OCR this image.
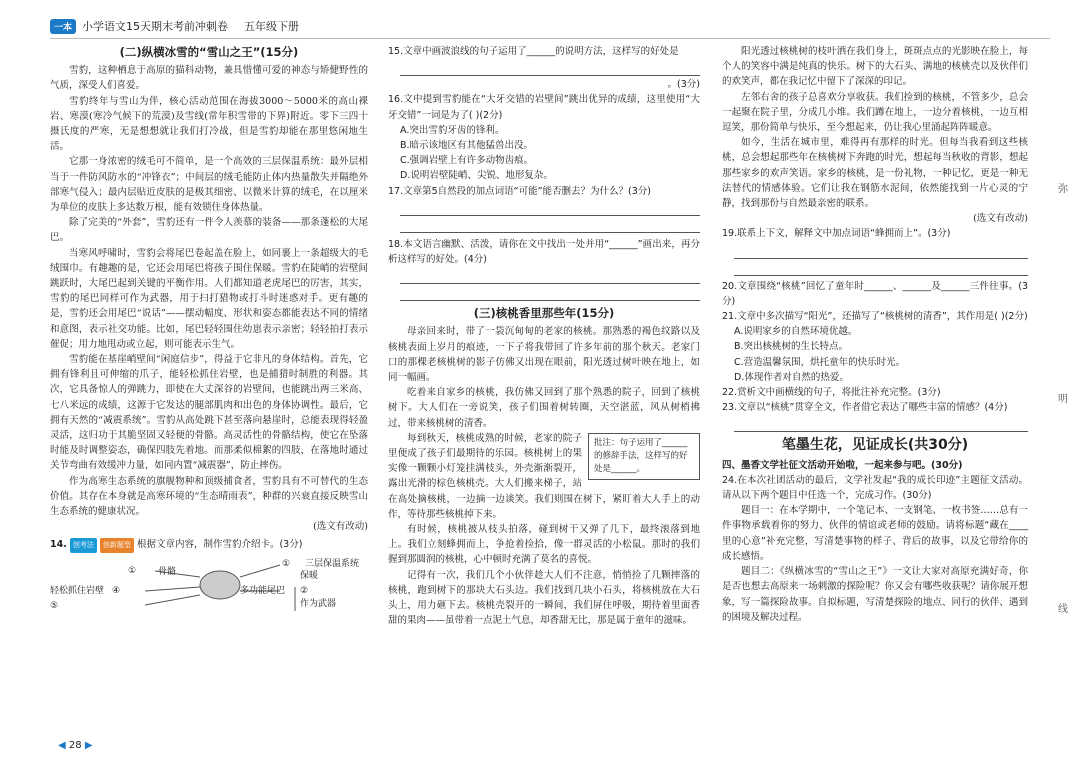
一本 小学语文15天期末考前冲刺卷 五年级下册
(二)纵横冰雪的“雪山之王”(15分)

雪豹，这种栖息于高原的猫科动物，兼具惜懂可爱的神态与矫健野性的气质，深受人们喜爱。

雪豹终年与雪山为伴，核心活动范围在海拔3000～5000米的高山裸岩、寒漠(寒冷气候下的荒漠)及雪线(常年积雪带的下界)附近。零下三四十摄氏度的严寒，无是想想就让我们打冷战，但是雪豹却能在那里悠闲地生活。

它那一身浓密的绒毛可不简单，是一个高效的三层保温系统：最外层相当于一件防风防水的“冲锋衣”；中间层的绒毛能防止体内热量散失并隔绝外部寒气侵入；最内层贴近皮肤的是极其细密、以微米计算的绒毛，在以厘米为单位的皮肤上多达数万根，能有效锁住身体热量。

除了完美的“外套”，雪豹还有一件令人羡慕的装备——那条蓬松的大尾巴。

当寒风呼啸时，雪豹会将尾巴卷起盖在脸上，如同裹上一条超级大的毛绒围巾。有趣趣的是，它还会用尾巴将孩子围住保暖。雪豹在陡峭的岩壁间跳跃时，大尾巴起到关键的平衡作用。人们都知道老虎尾巴的厉害，其实，雪豹的尾巴同样可作为武器，用于扫打猎物或打斗时迷惑对手。更有趣的是，雪豹还会用尾巴“说话”——摆动幅度、形状和姿态都能表达不同的情绪和意图，表示社交功能。比如，尾巴轻轻围住幼崽表示亲密；轻轻拍打表示催促；用力地甩动或立起，则可能表示生气。

雪豹能在基崖峭壁间“闲庭信步”，得益于它非凡的身体结构。首先，它拥有锋利且可伸缩的爪子，能轻松抓住岩壁，也是捕猎时制胜的利器。其次，它具备惊人的弹跳力，即使在大丈深谷的岩壁间，也能跳出两三米高、七八米远的成绩，这源于它发达的腿部肌肉和出色的身体协调性。最后，它拥有天然的“减震系统”。雪豹从高处跳下甚至落向悬崖时，总能表现得轻盈灵活，这归功于其脆坚固又轻便的骨骼。高灵活性的骨骼结构，使它在坠落时能及时调整姿态，确保四肢先着地。而那柔似棉絮的四肢，在落地时通过关节弯曲有效缓冲力量，如同内置“减震器”，防止摔伤。

作为高寒生态系统的旗舰物种和顶级捕食者，雪豹具有不可替代的生态价值。其存在本身就是高寒环境的“生态晴雨表”，种群的兴衰直接反映雪山生态系统的健康状况。

(选文有改动)

14. 创考法 创新题型 根据文章内容，制作雪豹介绍卡。(3分)
① 骨骼
轻松抓住岩壁 ④
⑤
① 三层保温系统
保暖
多功能尾巴 ②
作为武器

15.文章中画波浪线的句子运用了______的说明方法，这样写的好处是

。(3分)

16.文中提到雪豹能在“大牙交错的岩壁间”跳出优异的成绩，这里使用“大牙交错”一词是为了( )(2分)

A.突出雪豹牙齿的锋利。

B.暗示该地区有其他猛兽出没。

C.强调岩壁上有许多动物齿痕。

D.说明岩壁陡峭、尖锐、地形复杂。

17.文章第5自然段的加点词语“可能”能否删去？为什么？(3分)

18.本文语言幽默、活泼，请你在文中找出一处并用“______”画出来，再分析这样写的好处。(4分)

(三)核桃香里那些年(15分)

母亲回来时，带了一袋沉甸甸的老家的核桃。那熟悉的褐色纹路以及核桃表面上岁月的痕迹，一下子将我带回了许多年前的那个秋天。老家门口的那棵老核桃树的影子仿佛又出现在眼前，阳光透过树叶映在地上，如同一幅画。

吃着来自家乡的核桃，我仿佛又回到了那个熟悉的院子，回到了核桃树下。大人们在一旁说笑，孩子们围着树转圈，天空湛蓝，风从树梢拂过，带来核桃树的清香。

批注：句子运用了______的修辞手法，这样写的好处是______。

每到秋天，核桃成熟的时候，老家的院子里便成了孩子们最期待的乐园。核桃树上的果实像一颗颗小灯笼挂满枝头，外壳渐渐裂开，露出光滑的棕色核桃壳。大人们搬来梯子，站在高处摘核桃，一边摘一边谈笑。我们则围在树下，紧盯着大人手上的动作，等待那些核桃掉下来。

有时候，核桃被从枝头拍落，碰到树干又弹了几下，最终滚落到地上。我们立刻蜂拥而上，争抢着捡拾，像一群灵活的小松鼠。那时的我们握到那圆润的核桃，心中顿时充满了莫名的喜悦。

记得有一次，我们几个小伙伴趁大人们不注意，悄悄捡了几颗摔落的核桃，跑到树下的那块大石头边。我们找到几块小石头，将核桃放在大石头上，用力砸下去。核桃壳裂开的一瞬间，我们屏住呼吸，期待着里面香甜的果肉——虽带着一点泥土气息，却香甜无比，那是属于童年的滋味。

阳光透过核桃树的枝叶洒在我们身上，斑斑点点的光影映在脸上，每个人的笑容中满是纯真的快乐。树下的大石头、满地的核桃壳以及伙伴们的欢笑声，都在我记忆中留下了深深的印记。

左邻右舍的孩子总喜欢分享收获。我们捡到的核桃，不管多少，总会一起聚在院子里，分成几小堆。我们蹲在地上，一边分着核桃，一边互相逗笑，那份简单与快乐，至今想起来，仍让我心里涌起阵阵暖意。

如今，生活在城市里，难得再有那样的时光。但每当我看到这些核桃，总会想起那些年在核桃树下奔跑的时光，想起每当秋收的背影，想起那些家乡的欢声笑语。家乡的核桃，是一份礼物，一种记忆，更是一种无法替代的情感体验。它们让我在钢筋水泥间，依然能找到一片心灵的宁静，找到那份与自然最亲密的联系。

(选文有改动)

19.联系上下文，解释文中加点词语“蜂拥而上”。(3分)

20.文章围绕“核桃”回忆了童年时______、______及______三件往事。(3分)

21.文章中多次描写“阳光”，还描写了“核桃树的清香”，其作用是( )(2分)

A.说明家乡的自然环境优越。

B.突出核桃树的生长特点。

C.营造温馨氛围，烘托童年的快乐时光。

D.体现作者对自然的热爱。

22.赏析文中画横线的句子，将批注补充完整。(3分)

23.文章以“核桃”贯穿全文，作者借它表达了哪些丰富的情感？(4分)

笔墨生花，见证成长(共30分)

四、墨香文学社征文活动开始啦，一起来参与吧。(30分)

24.在本次社团活动的最后，文学社发起“我的成长印迹”主题征文活动。请从以下两个题目中任选一个，完成习作。(30分)

题目一：在本学期中，一个笔记本、一支钢笔、一枚书签……总有一件事物承载着你的努力、伙伴的情谊或老师的鼓励。请将标题“藏在____里的心意”补充完整，写清楚事物的样子、背后的故事，以及它带给你的成长感悟。

题目二：《纵横冰雪的“雪山之王”》一文让大家对高原充满好奇，你是否也想去高原来一场刺激的探险呢？你又会有哪些收获呢？请你展开想象，写一篇探险故事。自拟标题，写清楚探险的地点、同行的伙伴、遇到的困境及解决过程。

弥
明
线
◀ 28 ▶
